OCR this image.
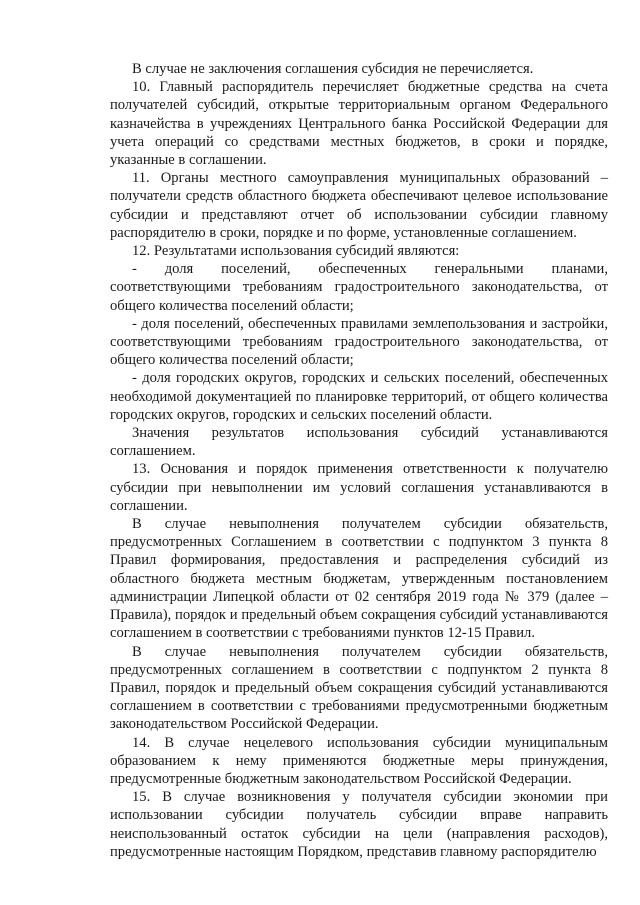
В случае не заключения соглашения субсидия не перечисляется.

10. Главный распорядитель перечисляет бюджетные средства на счета получателей субсидий, открытые территориальным органом Федерального казначейства в учреждениях Центрального банка Российской Федерации для учета операций со средствами местных бюджетов, в сроки и порядке, указанные в соглашении.

11. Органы местного самоуправления муниципальных образований – получатели средств областного бюджета обеспечивают целевое использование субсидии и представляют отчет об использовании субсидии главному распорядителю в сроки, порядке и по форме, установленные соглашением.

12. Результатами использования субсидий являются:

- доля поселений, обеспеченных генеральными планами, соответствующими требованиям градостроительного законодательства, от общего количества поселений области;

- доля поселений, обеспеченных правилами землепользования и застройки, соответствующими требованиям градостроительного законодательства, от общего количества поселений области;

- доля городских округов, городских и сельских поселений, обеспеченных необходимой документацией по планировке территорий, от общего количества городских округов, городских и сельских поселений области.

Значения результатов использования субсидий устанавливаются соглашением.

13. Основания и порядок применения ответственности к получателю субсидии при невыполнении им условий соглашения устанавливаются в соглашении.

В случае невыполнения получателем субсидии обязательств, предусмотренных Соглашением в соответствии с подпунктом 3 пункта 8 Правил формирования, предоставления и распределения субсидий из областного бюджета местным бюджетам, утвержденным постановлением администрации Липецкой области от 02 сентября 2019 года № 379 (далее – Правила), порядок и предельный объем сокращения субсидий устанавливаются соглашением в соответствии с требованиями пунктов 12-15 Правил.

В случае невыполнения получателем субсидии обязательств, предусмотренных соглашением в соответствии с подпунктом 2 пункта 8 Правил, порядок и предельный объем сокращения субсидий устанавливаются соглашением в соответствии с требованиями предусмотренными бюджетным законодательством Российской Федерации.

14. В случае нецелевого использования субсидии муниципальным образованием к нему применяются бюджетные меры принуждения, предусмотренные бюджетным законодательством Российской Федерации.

15. В случае возникновения у получателя субсидии экономии при использовании субсидии получатель субсидии вправе направить неиспользованный остаток субсидии на цели (направления расходов), предусмотренные настоящим Порядком, представив главному распорядителю
